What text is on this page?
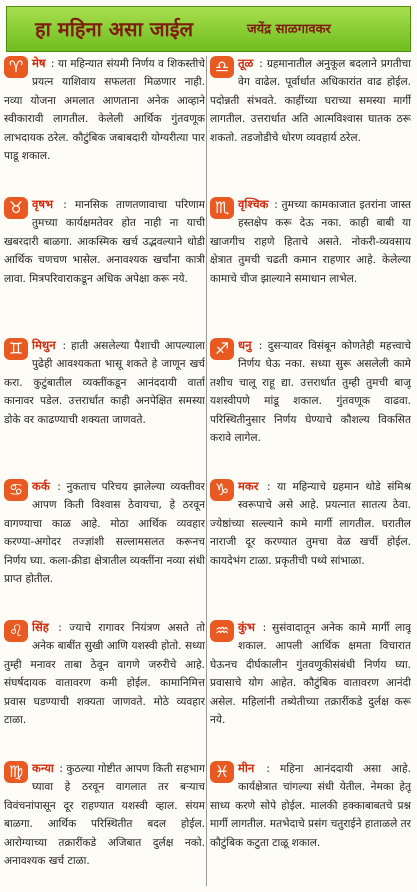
हा महिना असा जाईल	जयेंद्र साळगावकर
♈ मेष : या महिन्यात संयमी निर्णय व शिकस्तीचे प्रयत्न याशिवाय सफलता मिळणार नाही. नव्या योजना अमलात आणताना अनेक आव्हाने स्वीकारावी लागतील. केलेली आर्थिक गुंतवणूक लाभदायक ठरेल. कौटुंबिक जबाबदारी योग्यरीत्या पार पाडू शकाल.
♉ वृषभ : मानसिक ताणतणावाचा परिणाम तुमच्या कार्यक्षमतेवर होत नाही ना याची खबरदारी बाळगा. आकस्मिक खर्च उद्भवल्याने थोडी आर्थिक चणचण भासेल. अनावश्यक खर्चांना कात्री लावा. मित्रपरिवाराकडून अधिक अपेक्षा करू नये.
♊ मिथुन : हाती असलेल्या पैशाची आपल्याला पुढेही आवश्यकता भासू शकते हे जाणून खर्च करा. कुटुंबातील व्यक्तींकडून आनंददायी वार्ता कानावर पडेल. उत्तरार्धात काही अनपेक्षित समस्या डोके वर काढण्याची शक्यता जाणवते.
♋ कर्क : नुकताच परिचय झालेल्या व्यक्तीवर आपण किती विश्वास ठेवायचा, हे ठरवून वागण्याचा काळ आहे. मोठा आर्थिक व्यवहार करण्या-अगोदर तज्ज्ञांशी सल्लामसलत करूनच निर्णय घ्या. कला-क्रीडा क्षेत्रातील व्यक्तींना नव्या संधी प्राप्त होतील.
♌ सिंह : ज्याचे रागावर नियंत्रण असते तो अनेक बाबींत सुखी आणि यशस्वी होतो. सध्या तुम्ही मनावर ताबा ठेवून वागणे जरुरीचे आहे. संघर्षदायक वातावरण कमी होईल. कामानिमित्त प्रवास घडण्याची शक्यता जाणवते. मोठे व्यवहार टाळा.
♍ कन्या : कुठल्या गोष्टीत आपण किती सहभाग घ्यावा हे ठरवून वागलात तर बऱ्याच विवंचनांपासून दूर राहण्यात यशस्वी व्हाल. संयम बाळगा. आर्थिक परिस्थितीत बदल होईल. आरोग्याच्या तक्रारींकडे अजिबात दुर्लक्ष नको. अनावश्यक खर्च टाळा.
♎ तूळ : ग्रहमानातील अनुकूल बदलाने प्रगतीचा वेग वाढेल. पूर्वार्धात अधिकारांत वाढ होईल. पदोन्नती संभवते. काहींच्या घराच्या समस्या मार्गी लागतील. उत्तरार्धात अति आत्मविश्वास घातक ठरू शकतो. तडजोडीचे धोरण व्यवहार्य ठरेल.
♏ वृश्चिक : तुमच्या कामकाजात इतरांना जास्त हस्तक्षेप करू देऊ नका. काही बाबी या खाजगीच राहणे हिताचे असते. नोकरी-व्यवसाय क्षेत्रात तुमची चढती कमान राहणार आहे. केलेल्या कामाचे चीज झाल्याने समाधान लाभेल.
♐ धनु : दुसऱ्यावर विसंबून कोणतेही महत्त्वाचे निर्णय घेऊ नका. सध्या सुरू असलेली कामे तशीच चालू राहू द्या. उत्तरार्धात तुम्ही तुमची बाजू यशस्वीपणे मांडू शकाल. गुंतवणूक वाढवा. परिस्थितीनुसार निर्णय घेण्याचे कौशल्य विकसित करावे लागेल.
♑ मकर : या महिन्याचे ग्रहमान थोडे संमिश्र स्वरूपाचे असे आहे. प्रयत्नात सातत्य ठेवा. ज्येष्ठांच्या सल्ल्याने कामे मार्गी लागतील. घरातील नाराजी दूर करण्यात तुमचा वेळ खर्ची होईल. कायदेभंग टाळा. प्रकृतीची पथ्ये सांभाळा.
♒ कुंभ : सुसंवादातून अनेक कामे मार्गी लावू शकाल. आपली आर्थिक क्षमता विचारात घेऊनच दीर्घकालीन गुंतवणुकीसंबंधी निर्णय घ्या. प्रवासाचे योग आहेत. कौटुंबिक वातावरण आनंदी असेल. महिलांनी तब्येतीच्या तक्रारींकडे दुर्लक्ष करू नये.
♓ मीन : महिना आनंददायी असा आहे. कार्यक्षेत्रात चांगल्या संधी येतील. नेमका हेतू साध्य करणे सोपे होईल. मालकी हक्काबाबतचे प्रश्न मार्गी लागतील. मतभेदाचे प्रसंग चतुराईने हाताळले तर कौटुंबिक कटुता टाळू शकाल.
